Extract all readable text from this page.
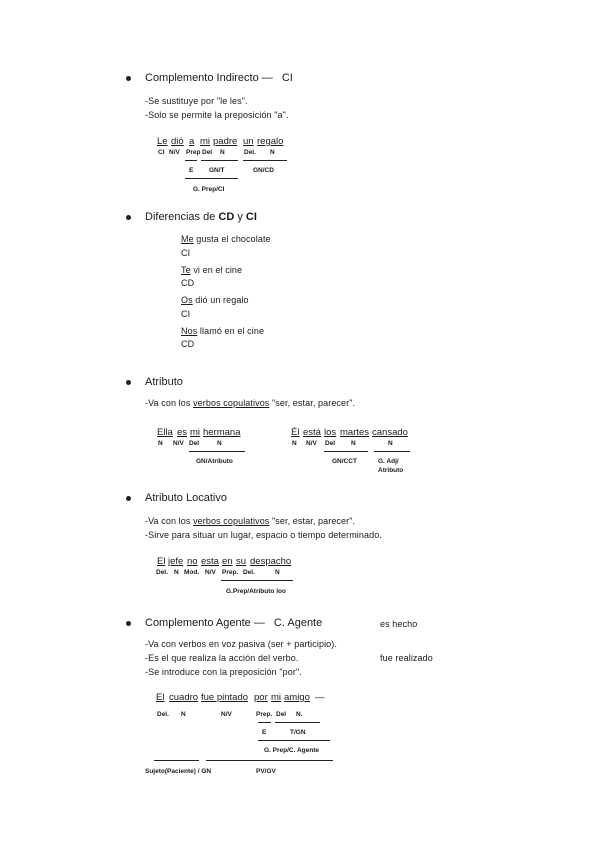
Complemento Indirecto — CI
-Se sustituye por "le les".
-Solo se permite la preposición "a".
Le dió a mi padre un regalo
CI N/V Prep Del N	Del. N
E GN/T	GN/CD
G. Prep/CI
Diferencias de CD y CI
Me gusta el chocolate
CI
Te vi en el cine
CD
Os dió un regalo
CI
Nos llamó en el cine
CD
Atributo
-Va con los verbos copulativos "ser, estar, parecer".
Ella es mi hermana
N N/V Del	N
GN/Atributo
Él está los martes cansado
N N/V Del N	N
GN/CCT	G. Adj/
Atributo
Atributo Locativo
-Va con los verbos copulativos "ser, estar, parecer".
-Sirve para situar un lugar, espacio o tiempo determinado.
El jefe no esta en su despacho
Del. N Mod. N/V Prep. Del.	N
G.Prep/Atributo loo
Complemento Agente — C. Agente	es hecho
-Va con verbos en voz pasiva (ser + participio).
-Es el que realiza la acción del verbo.	fue realizado
-Se introduce con la preposición "por".
El cuadro fue pintado por mi amigo —
Del. N	N/V	Prep. Del N.
E	T/GN
G. Prep/C. Agente
Sujeto(Paciente) / GN	PV/GV
